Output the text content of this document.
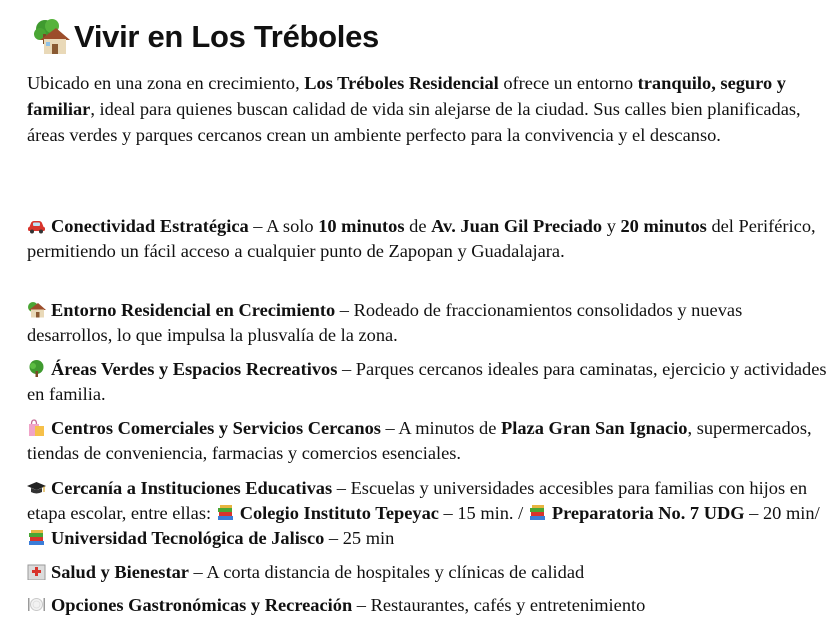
Vivir en Los Tréboles

Ubicado en una zona en crecimiento, Los Tréboles Residencial ofrece un entorno tranquilo, seguro y familiar, ideal para quienes buscan calidad de vida sin alejarse de la ciudad. Sus calles bien planificadas, áreas verdes y parques cercanos crean un ambiente perfecto para la convivencia y el descanso.

Conectividad Estratégica – A solo 10 minutos de Av. Juan Gil Preciado y 20 minutos del Periférico, permitiendo un fácil acceso a cualquier punto de Zapopan y Guadalajara.

Entorno Residencial en Crecimiento – Rodeado de fraccionamientos consolidados y nuevas desarrollos, lo que impulsa la plusvalía de la zona.

Áreas Verdes y Espacios Recreativos – Parques cercanos ideales para caminatas, ejercicio y actividades en familia.

Centros Comerciales y Servicios Cercanos – A minutos de Plaza Gran San Ignacio, supermercados, tiendas de conveniencia, farmacias y comercios esenciales.

Cercanía a Instituciones Educativas – Escuelas y universidades accesibles para familias con hijos en etapa escolar, entre ellas:
Colegio Instituto Tepeyac – 15 min. /
Preparatoria No. 7 UDG – 20 min/
Universidad Tecnológica de Jalisco – 25 min

Salud y Bienestar – A corta distancia de hospitales y clínicas de calidad

Opciones Gastronómicas y Recreación – Restaurantes, cafés y entretenimiento
